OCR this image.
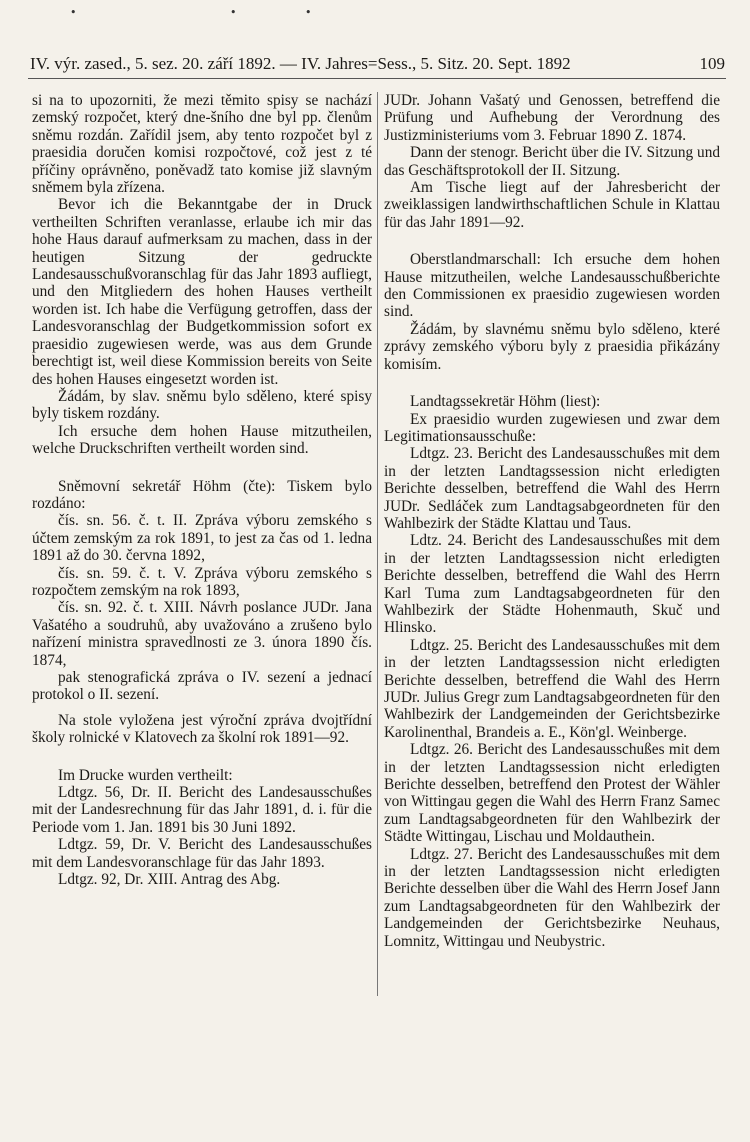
•	•	•
IV. výr. zased., 5. sez. 20. září 1892. — IV. Jahres=Sess., 5. Sitz. 20. Sept. 1892	109

si na to upozorniti, že mezi těmito spisy se nachází zemský rozpočet, který dne-šního dne byl pp. členům sněmu rozdán. Zařídil jsem, aby tento rozpočet byl z praesidia doručen komisi rozpočtové, což jest z té příčiny oprávněno, poněvadž tato komise již slavným sněmem byla zřízena.

Bevor ich die Bekanntgabe der in Druck vertheilten Schriften veranlasse, erlaube ich mir das hohe Haus darauf aufmerksam zu machen, dass in der heutigen Sitzung der gedruckte Landesausschußvoranschlag für das Jahr 1893 aufliegt, und den Mitgliedern des hohen Hauses vertheilt worden ist. Ich habe die Verfügung getroffen, dass der Landesvoranschlag der Budgetkommission sofort ex praesidio zugewiesen werde, was aus dem Grunde berechtigt ist, weil diese Kommission bereits von Seite des hohen Hauses eingesetzt worden ist.

Žádám, by slav. sněmu bylo sděleno, které spisy byly tiskem rozdány.

Ich ersuche dem hohen Hause mitzutheilen, welche Druckschriften vertheilt worden sind.

Sněmovní sekretář Höhm (čte): Tiskem bylo rozdáno:

čís. sn. 56. č. t. II. Zpráva výboru zemského s účtem zemským za rok 1891, to jest za čas od 1. ledna 1891 až do 30. června 1892,

čís. sn. 59. č. t. V. Zpráva výboru zemského s rozpočtem zemským na rok 1893,

čís. sn. 92. č. t. XIII. Návrh poslance JUDr. Jana Vašatého a soudruhů, aby uvažováno a zrušeno bylo nařízení ministra spravedlnosti ze 3. února 1890 čís. 1874,

pak stenografická zpráva o IV. sezení a jednací protokol o II. sezení.

Na stole vyložena jest výroční zpráva dvojtřídní školy rolnické v Klatovech za školní rok 1891—92.

Im Drucke wurden vertheilt:

Ldtgz. 56, Dr. II. Bericht des Landesausschußes mit der Landesrechnung für das Jahr 1891, d. i. für die Periode vom 1. Jan. 1891 bis 30 Juni 1892.

Ldtgz. 59, Dr. V. Bericht des Landesausschußes mit dem Landesvoranschlage für das Jahr 1893.

Ldtgz. 92, Dr. XIII. Antrag des Abg.

JUDr. Johann Vašatý und Genossen, betreffend die Prüfung und Aufhebung der Verordnung des Justizministeriums vom 3. Februar 1890 Z. 1874.

Dann der stenogr. Bericht über die IV. Sitzung und das Geschäftsprotokoll der II. Sitzung.

Am Tische liegt auf der Jahresbericht der zweiklassigen landwirthschaftlichen Schule in Klattau für das Jahr 1891—92.

Oberstlandmarschall: Ich ersuche dem hohen Hause mitzutheilen, welche Landesausschußberichte den Commissionen ex praesidio zugewiesen worden sind.

Žádám, by slavnému sněmu bylo sděleno, které zprávy zemského výboru byly z praesidia přikázány komisím.

Landtagssekretär Höhm (liest):

Ex praesidio wurden zugewiesen und zwar dem Legitimationsausschuße:

Ldtgz. 23. Bericht des Landesausschußes mit dem in der letzten Landtagssession nicht erledigten Berichte desselben, betreffend die Wahl des Herrn JUDr. Sedláček zum Landtagsabgeordneten für den Wahlbezirk der Städte Klattau und Taus.

Ldtz. 24. Bericht des Landesausschußes mit dem in der letzten Landtagssession nicht erledigten Berichte desselben, betreffend die Wahl des Herrn Karl Tuma zum Landtagsabgeordneten für den Wahlbezirk der Städte Hohenmauth, Skuč und Hlinsko.

Ldtgz. 25. Bericht des Landesausschußes mit dem in der letzten Landtagssession nicht erledigten Berichte desselben, betreffend die Wahl des Herrn JUDr. Julius Gregr zum Landtagsabgeordneten für den Wahlbezirk der Landgemeinden der Gerichtsbezirke Karolinenthal, Brandeis a. E., Kön'gl. Weinberge.

Ldtgz. 26. Bericht des Landesausschußes mit dem in der letzten Landtagssession nicht erledigten Berichte desselben, betreffend den Protest der Wähler von Wittingau gegen die Wahl des Herrn Franz Samec zum Landtagsabgeordneten für den Wahlbezirk der Städte Wittingau, Lischau und Moldauthein.

Ldtgz. 27. Bericht des Landesausschußes mit dem in der letzten Landtagssession nicht erledigten Berichte desselben über die Wahl des Herrn Josef Jann zum Landtagsabgeordneten für den Wahlbezirk der Landgemeinden der Gerichtsbezirke Neuhaus, Lomnitz, Wittingau und Neubystric.
